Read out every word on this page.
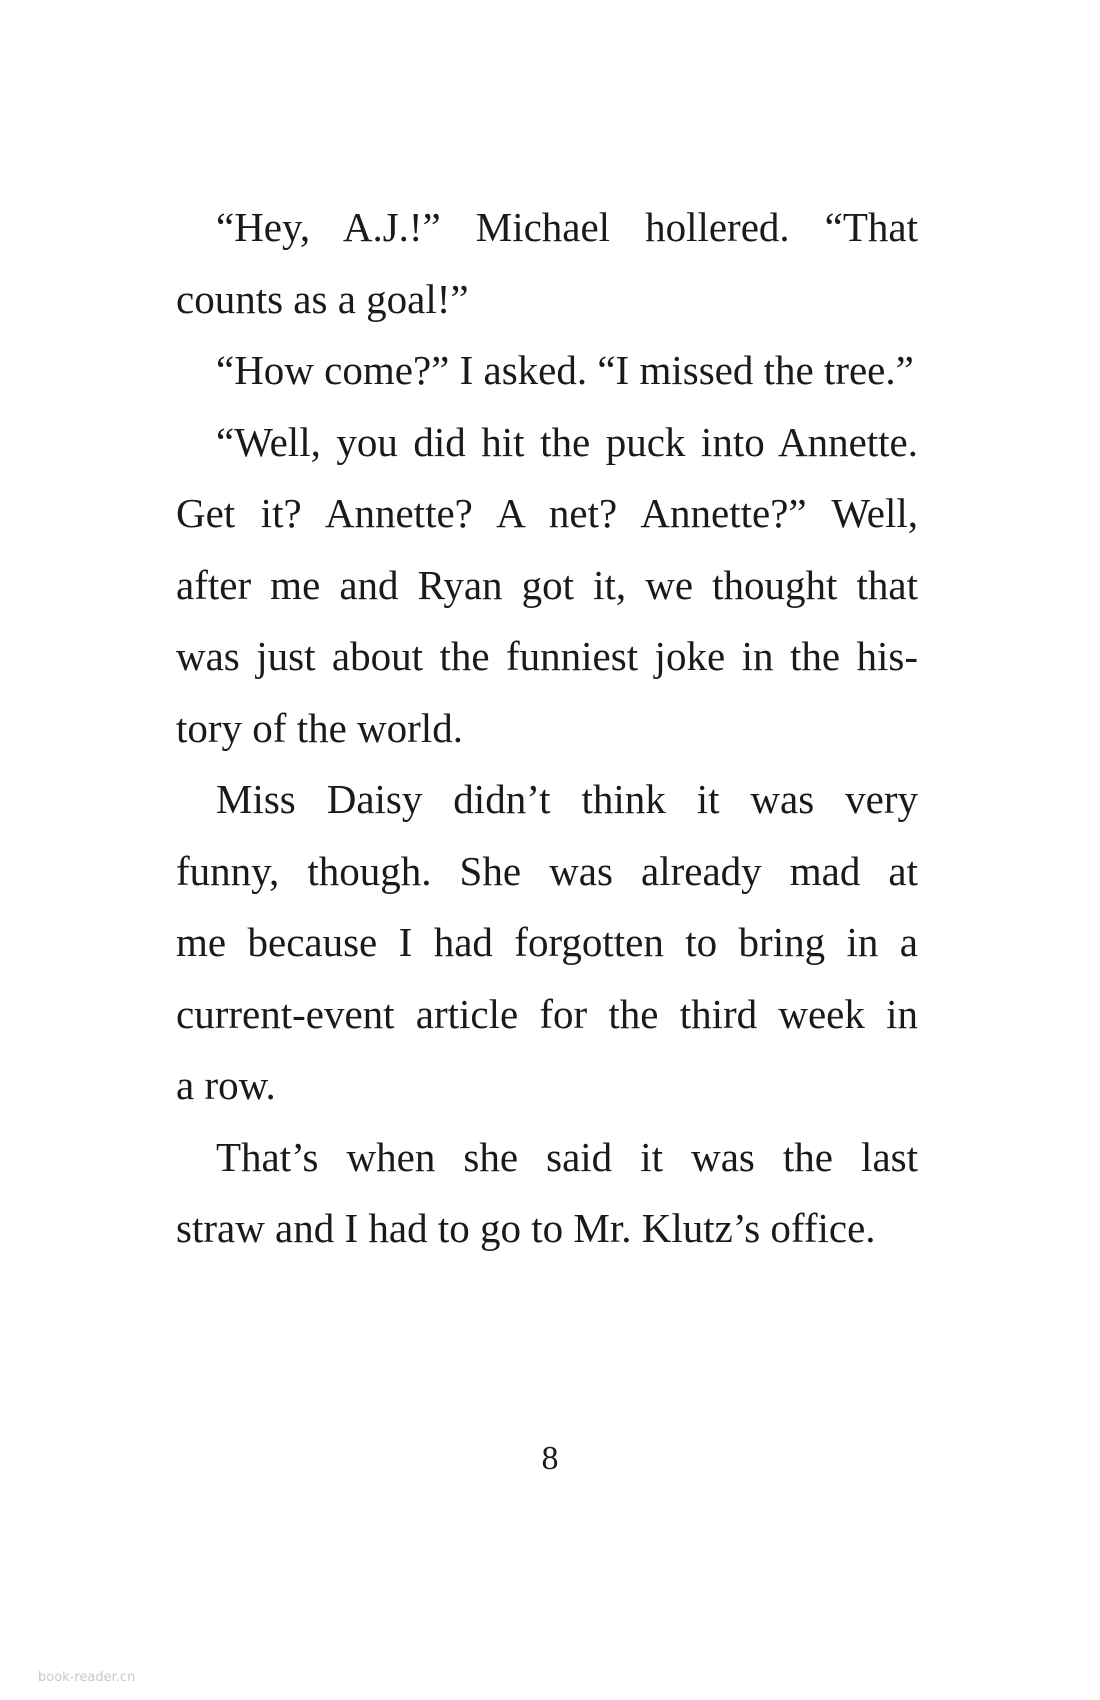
“Hey, A.J.!” Michael hollered. “That
counts as a goal!”
“How come?” I asked. “I missed the tree.”
“Well, you did hit the puck into Annette.
Get it? Annette? A net? Annette?” Well,
after me and Ryan got it, we thought that
was just about the funniest joke in the his-
tory of the world.
Miss Daisy didn’t think it was very
funny, though. She was already mad at
me because I had forgotten to bring in a
current-event article for the third week in
a row.
That’s when she said it was the last
straw and I had to go to Mr. Klutz’s office.
8
book-reader.cn
